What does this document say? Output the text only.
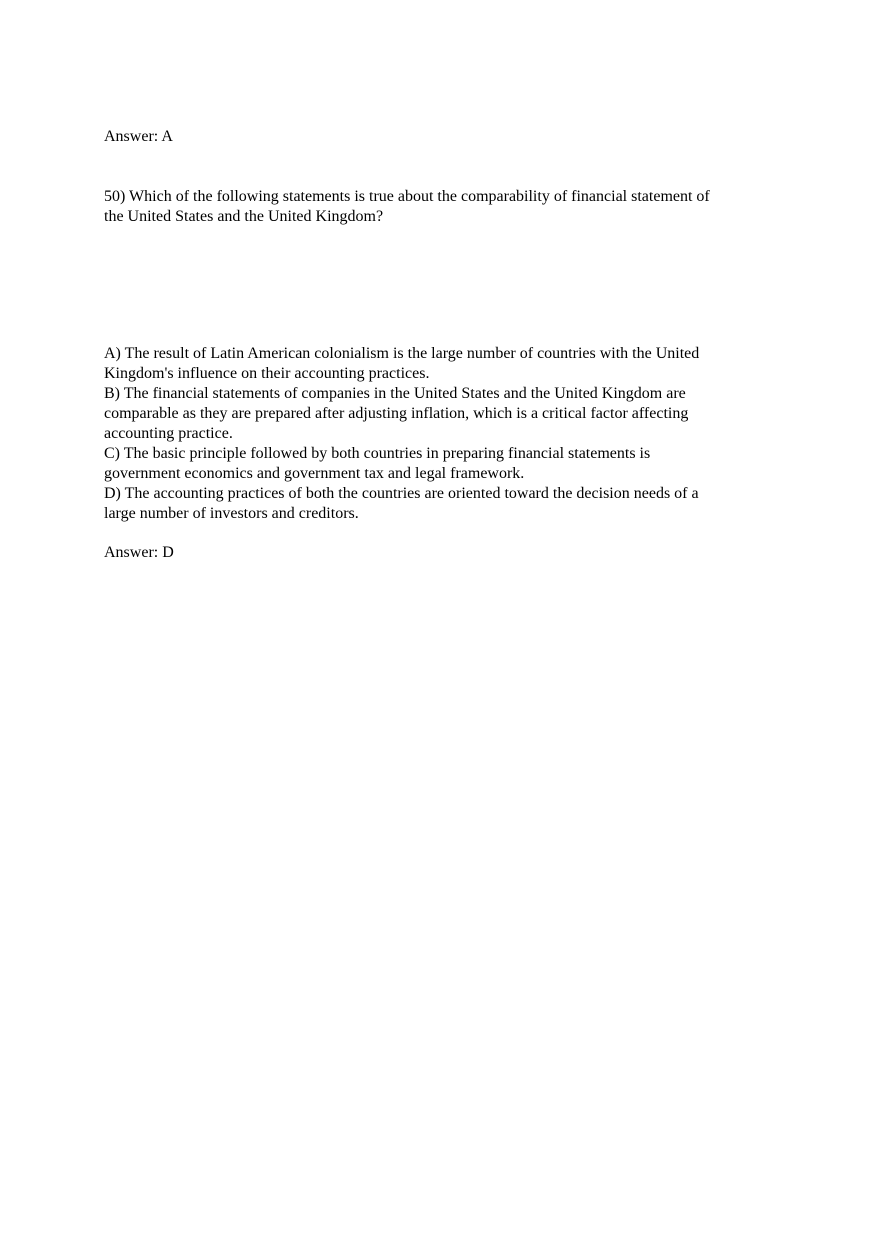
Answer: A

50) Which of the following statements is true about the comparability of financial statement of
the United States and the United Kingdom?

A) The result of Latin American colonialism is the large number of countries with the United
Kingdom's influence on their accounting practices.
B) The financial statements of companies in the United States and the United Kingdom are
comparable as they are prepared after adjusting inflation, which is a critical factor affecting
accounting practice.
C) The basic principle followed by both countries in preparing financial statements is
government economics and government tax and legal framework.
D) The accounting practices of both the countries are oriented toward the decision needs of a
large number of investors and creditors.

Answer: D
